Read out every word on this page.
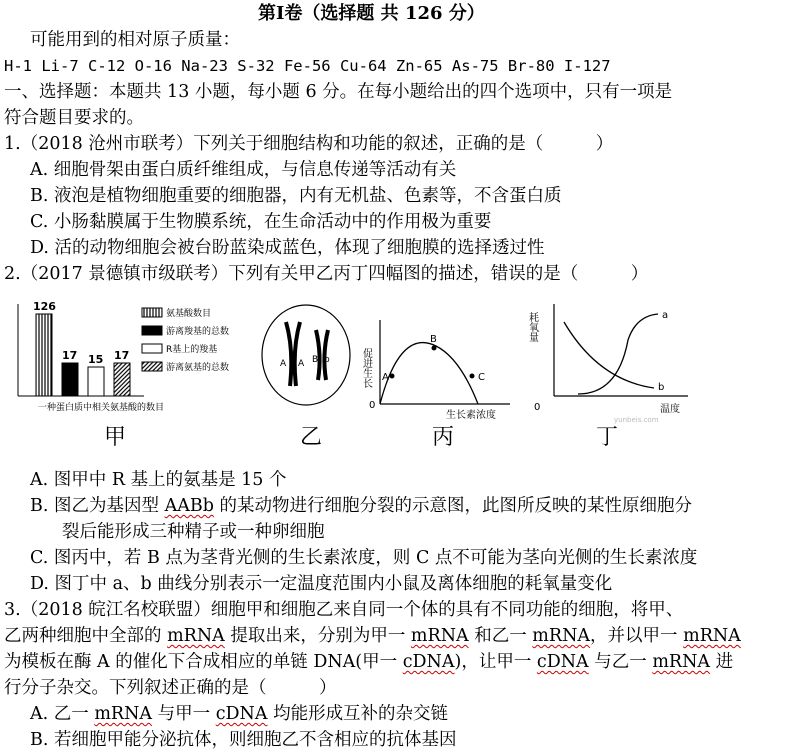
第Ⅰ卷（选择题 共 126 分）
可能用到的相对原子质量：
H-1 Li-7 C-12 O-16 Na-23 S-32 Fe-56 Cu-64 Zn-65 As-75 Br-80 I-127
一、选择题：本题共 13 小题，每小题 6 分。在每小题给出的四个选项中，只有一项是
符合题目要求的。
1.（2018 沧州市联考）下列关于细胞结构和功能的叙述，正确的是（　　　）
A. 细胞骨架由蛋白质纤维组成，与信息传递等活动有关
B. 液泡是植物细胞重要的细胞器，内有无机盐、色素等，不含蛋白质
C. 小肠黏膜属于生物膜系统，在生命活动中的作用极为重要
D. 活的动物细胞会被台盼蓝染成蓝色，体现了细胞膜的选择透过性
2.（2017 景德镇市级联考）下列有关甲乙丙丁四幅图的描述，错误的是（　　　）
126
17 15 17
氨基酸数目
游离羧基的总数
R基上的羧基
游离氨基的总数
一种蛋白质中相关氨基酸的数目
甲
A A B b
乙
A
B
C
0
生长素浓度
促进生长
丙
a
b
0	温度
耗氧量
yunbeis.com
丁
A. 图甲中 R 基上的氨基是 15 个
B. 图乙为基因型 AABb 的某动物进行细胞分裂的示意图，此图所反映的某性原细胞分
裂后能形成三种精子或一种卵细胞
C. 图丙中，若 B 点为茎背光侧的生长素浓度，则 C 点不可能为茎向光侧的生长素浓度
D. 图丁中 a、b 曲线分别表示一定温度范围内小鼠及离体细胞的耗氧量变化
3.（2018 皖江名校联盟）细胞甲和细胞乙来自同一个体的具有不同功能的细胞，将甲、
乙两种细胞中全部的 mRNA 提取出来，分别为甲一 mRNA 和乙一 mRNA，并以甲一 mRNA
为模板在酶 A 的催化下合成相应的单链 DNA(甲一 cDNA)，让甲一 cDNA 与乙一 mRNA 进
行分子杂交。下列叙述正确的是（　　　）
A. 乙一 mRNA 与甲一 cDNA 均能形成互补的杂交链
B. 若细胞甲能分泌抗体，则细胞乙不含相应的抗体基因
